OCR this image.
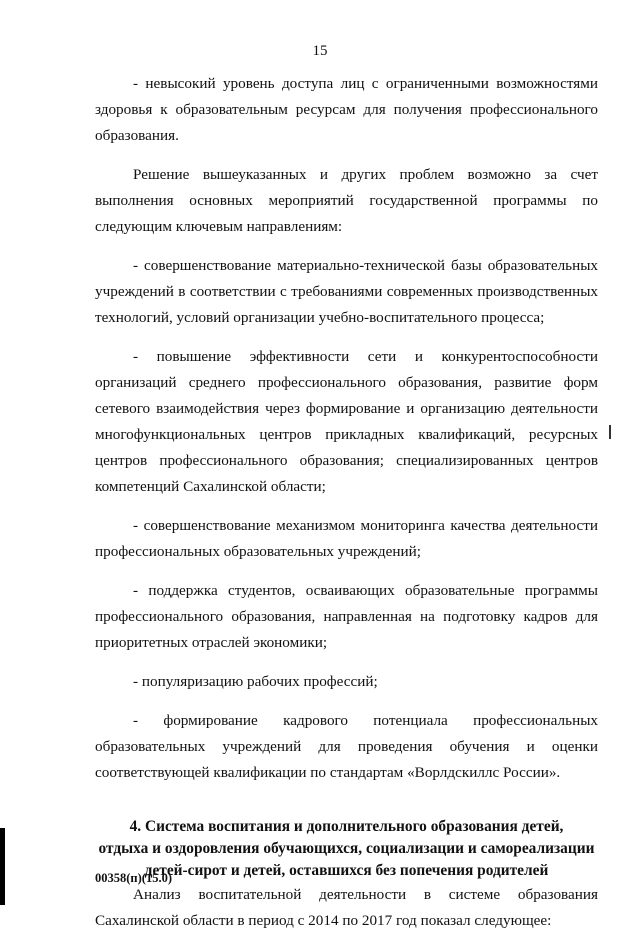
15

- невысокий уровень доступа лиц с ограниченными возможностями здоровья к образовательным ресурсам для получения профессионального образования.

Решение вышеуказанных и других проблем возможно за счет выполнения основных мероприятий государственной программы по следующим ключевым направлениям:

- совершенствование материально-технической базы образовательных учреждений в соответствии с требованиями современных производственных технологий, условий организации учебно-воспитательного процесса;

- повышение эффективности сети и конкурентоспособности организаций среднего профессионального образования, развитие форм сетевого взаимодействия через формирование и организацию деятельности многофункциональных центров прикладных квалификаций, ресурсных центров профессионального образования; специализированных центров компетенций Сахалинской области;

- совершенствование механизмом мониторинга качества деятельности профессиональных образовательных учреждений;

- поддержка студентов, осваивающих образовательные программы профессионального образования, направленная на подготовку кадров для приоритетных отраслей экономики;

- популяризацию рабочих профессий;

- формирование кадрового потенциала профессиональных образовательных учреждений для проведения обучения и оценки соответствующей квалификации по стандартам «Ворлдскиллс России».

4. Система воспитания и дополнительного образования детей,
отдыха и оздоровления обучающихся, социализации и самореализации
детей-сирот и детей, оставшихся без попечения родителей

Анализ воспитательной деятельности в системе образования Сахалинской области в период с 2014 по 2017 год показал следующее:

00358(п)(15.0)
